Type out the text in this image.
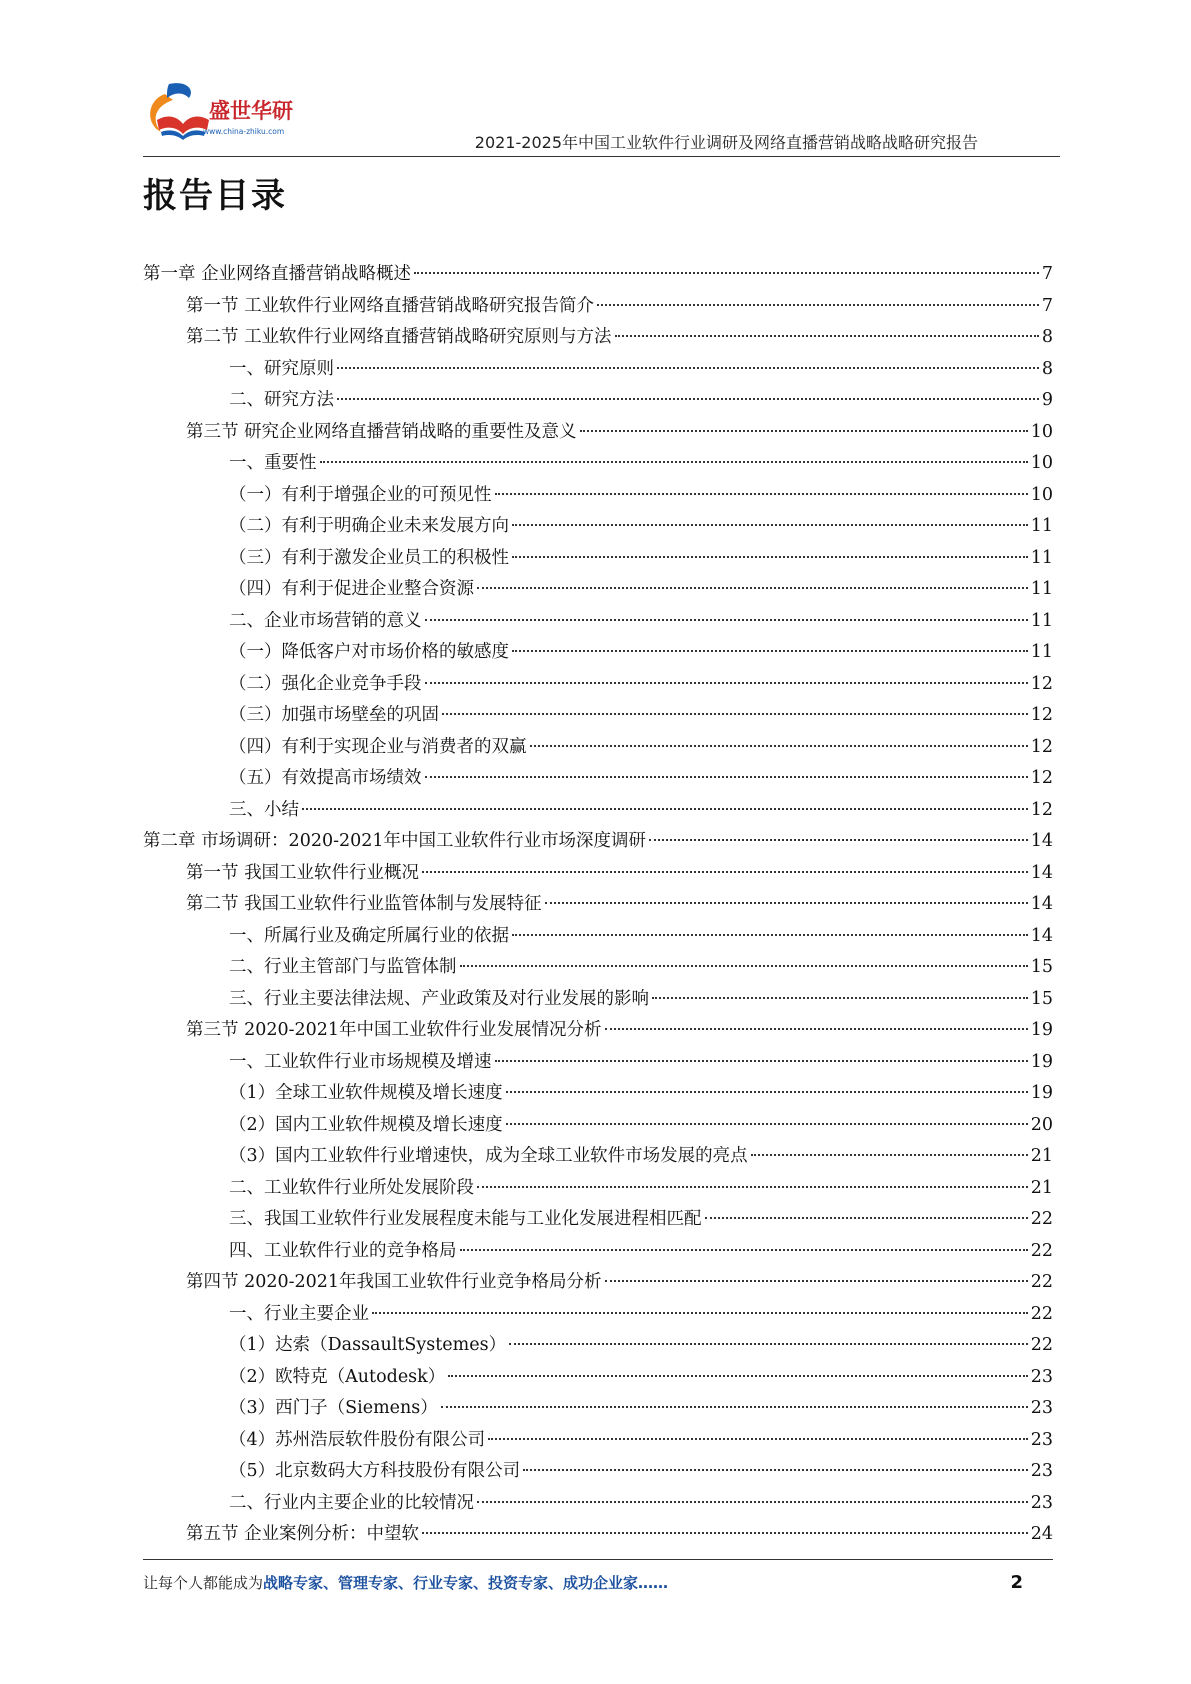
盛世华研
www.china-zhiku.com
2021-2025年中国工业软件行业调研及网络直播营销战略战略研究报告
报告目录
第一章 企业网络直播营销战略概述	7
第一节 工业软件行业网络直播营销战略研究报告简介	7
第二节 工业软件行业网络直播营销战略研究原则与方法	8
一、研究原则	8
二、研究方法	9
第三节 研究企业网络直播营销战略的重要性及意义	10
一、重要性	10
（一）有利于增强企业的可预见性	10
（二）有利于明确企业未来发展方向	11
（三）有利于激发企业员工的积极性	11
（四）有利于促进企业整合资源	11
二、企业市场营销的意义	11
（一）降低客户对市场价格的敏感度	11
（二）强化企业竞争手段	12
（三）加强市场壁垒的巩固	12
（四）有利于实现企业与消费者的双赢	12
（五）有效提高市场绩效	12
三、小结	12
第二章 市场调研：2020-2021年中国工业软件行业市场深度调研	14
第一节 我国工业软件行业概况	14
第二节 我国工业软件行业监管体制与发展特征	14
一、所属行业及确定所属行业的依据	14
二、行业主管部门与监管体制	15
三、行业主要法律法规、产业政策及对行业发展的影响	15
第三节 2020-2021年中国工业软件行业发展情况分析	19
一、工业软件行业市场规模及增速	19
（1）全球工业软件规模及增长速度	19
（2）国内工业软件规模及增长速度	20
（3）国内工业软件行业增速快，成为全球工业软件市场发展的亮点	21
二、工业软件行业所处发展阶段	21
三、我国工业软件行业发展程度未能与工业化发展进程相匹配	22
四、工业软件行业的竞争格局	22
第四节 2020-2021年我国工业软件行业竞争格局分析	22
一、行业主要企业	22
（1）达索（DassaultSystemes）	22
（2）欧特克（Autodesk）	23
（3）西门子（Siemens）	23
（4）苏州浩辰软件股份有限公司	23
（5）北京数码大方科技股份有限公司	23
二、行业内主要企业的比较情况	23
第五节 企业案例分析：中望软	24
让每个人都能成为战略专家、管理专家、行业专家、投资专家、成功企业家……	2
